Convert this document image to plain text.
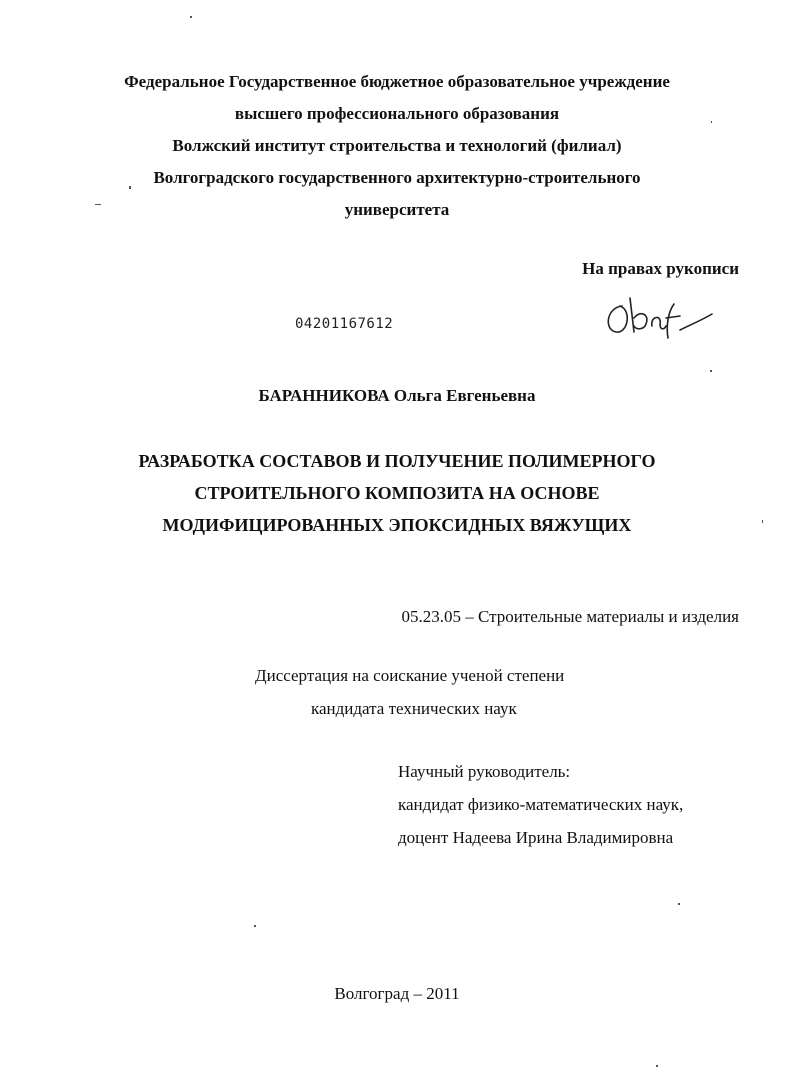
Федеральное Государственное бюджетное образовательное учреждение
высшего профессионального образования
Волжский институт строительства и технологий (филиал)
Волгоградского государственного архитектурно-строительного
университета
На правах рукописи
04201167612
БАРАННИКОВА Ольга Евгеньевна
РАЗРАБОТКА СОСТАВОВ И ПОЛУЧЕНИЕ ПОЛИМЕРНОГО
СТРОИТЕЛЬНОГО КОМПОЗИТА НА ОСНОВЕ
МОДИФИЦИРОВАННЫХ ЭПОКСИДНЫХ ВЯЖУЩИХ
05.23.05 – Строительные материалы и изделия
Диссертация на соискание ученой степени
кандидата технических наук
Научный руководитель:
кандидат физико-математических наук,
доцент Надеева Ирина Владимировна
Волгоград – 2011
